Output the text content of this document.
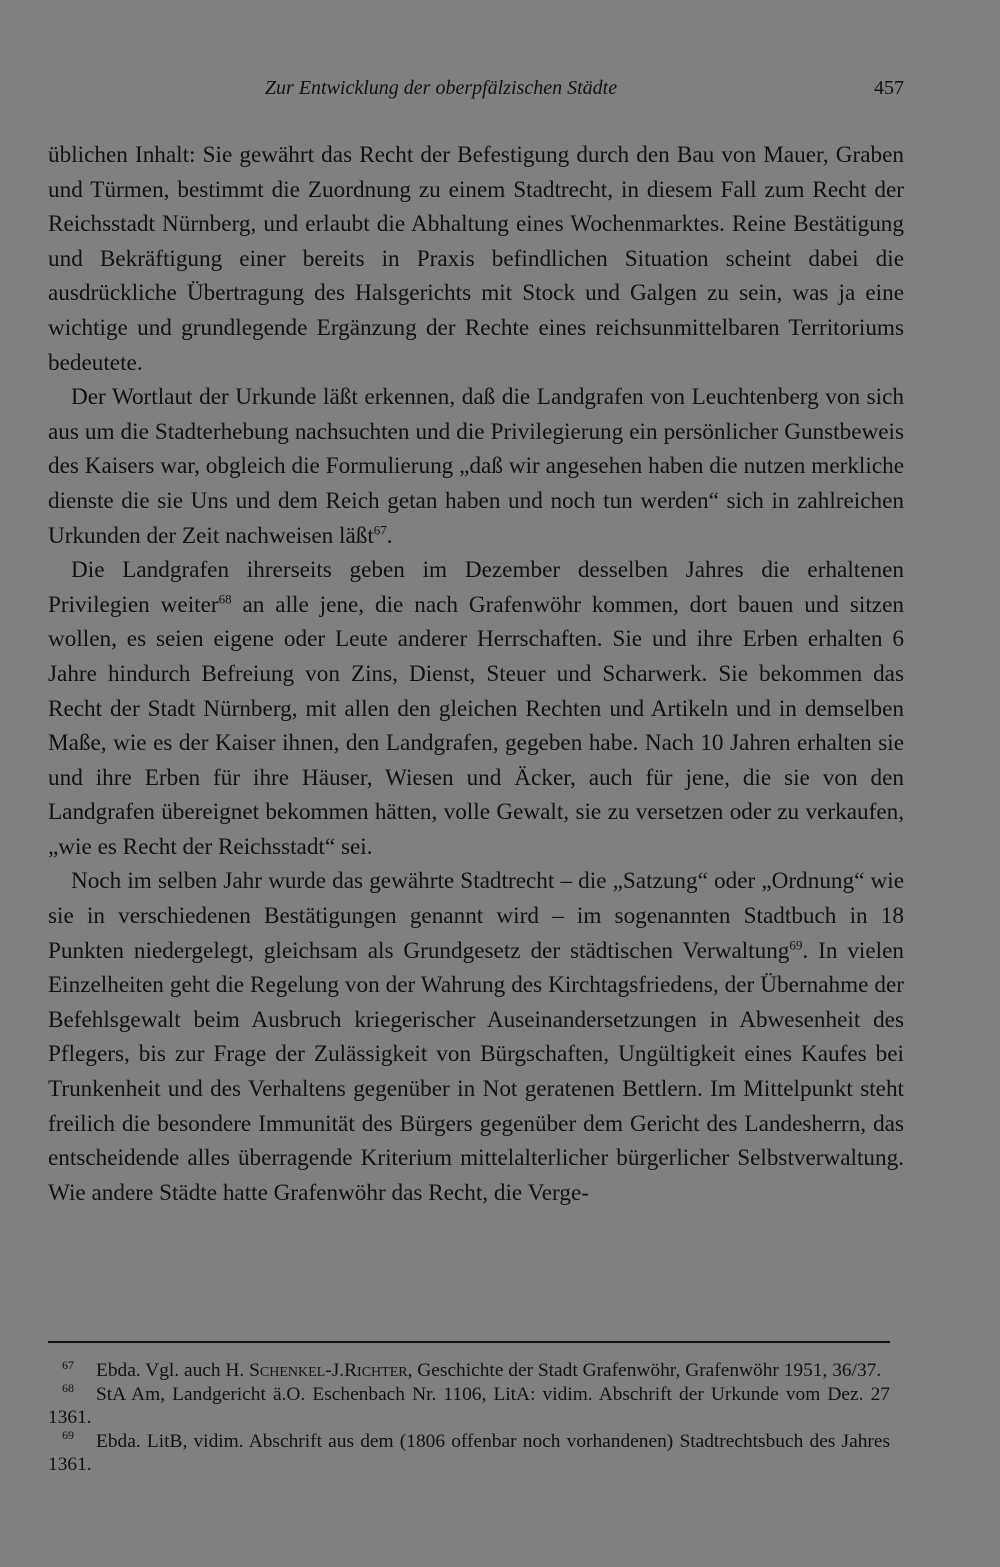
Zur Entwicklung der oberpfälzischen Städte	457

üblichen Inhalt: Sie gewährt das Recht der Befestigung durch den Bau von Mauer, Graben und Türmen, bestimmt die Zuordnung zu einem Stadtrecht, in diesem Fall zum Recht der Reichsstadt Nürnberg, und erlaubt die Abhaltung eines Wochenmarktes. Reine Bestätigung und Bekräftigung einer bereits in Praxis befindlichen Situation scheint dabei die ausdrückliche Übertragung des Halsgerichts mit Stock und Galgen zu sein, was ja eine wichtige und grundlegende Ergänzung der Rechte eines reichsunmittelbaren Territoriums bedeutete.

Der Wortlaut der Urkunde läßt erkennen, daß die Landgrafen von Leuchtenberg von sich aus um die Stadterhebung nachsuchten und die Privilegierung ein persönlicher Gunstbeweis des Kaisers war, obgleich die Formulierung „daß wir angesehen haben die nutzen merkliche dienste die sie Uns und dem Reich getan haben und noch tun werden“ sich in zahlreichen Urkunden der Zeit nachweisen läßt$^{67}$.

Die Landgrafen ihrerseits geben im Dezember desselben Jahres die erhaltenen Privilegien weiter$^{68}$ an alle jene, die nach Grafenwöhr kommen, dort bauen und sitzen wollen, es seien eigene oder Leute anderer Herrschaften. Sie und ihre Erben erhalten 6 Jahre hindurch Befreiung von Zins, Dienst, Steuer und Scharwerk. Sie bekommen das Recht der Stadt Nürnberg, mit allen den gleichen Rechten und Artikeln und in demselben Maße, wie es der Kaiser ihnen, den Landgrafen, gegeben habe. Nach 10 Jahren erhalten sie und ihre Erben für ihre Häuser, Wiesen und Äcker, auch für jene, die sie von den Landgrafen übereignet bekommen hätten, volle Gewalt, sie zu versetzen oder zu verkaufen, „wie es Recht der Reichsstadt“ sei.

Noch im selben Jahr wurde das gewährte Stadtrecht – die „Satzung“ oder „Ordnung“ wie sie in verschiedenen Bestätigungen genannt wird – im sogenannten Stadtbuch in 18 Punkten niedergelegt, gleichsam als Grundgesetz der städtischen Verwaltung$^{69}$. In vielen Einzelheiten geht die Regelung von der Wahrung des Kirchtagsfriedens, der Übernahme der Befehlsgewalt beim Ausbruch kriegerischer Auseinandersetzungen in Abwesenheit des Pflegers, bis zur Frage der Zulässigkeit von Bürgschaften, Ungültigkeit eines Kaufes bei Trunkenheit und des Verhaltens gegenüber in Not geratenen Bettlern. Im Mittelpunkt steht freilich die besondere Immunität des Bürgers gegenüber dem Gericht des Landesherrn, das entscheidende alles überragende Kriterium mittelalterlicher bürgerlicher Selbstverwaltung. Wie andere Städte hatte Grafenwöhr das Recht, die Verge-

$^{67}$ Ebda. Vgl. auch H. Schenkel-J.Richter, Geschichte der Stadt Grafenwöhr, Grafenwöhr 1951, 36/37.

$^{68}$ StA Am, Landgericht ä.O. Eschenbach Nr. 1106, LitA: vidim. Abschrift der Urkunde vom Dez. 27 1361.

$^{69}$ Ebda. LitB, vidim. Abschrift aus dem (1806 offenbar noch vorhandenen) Stadtrechtsbuch des Jahres 1361.
